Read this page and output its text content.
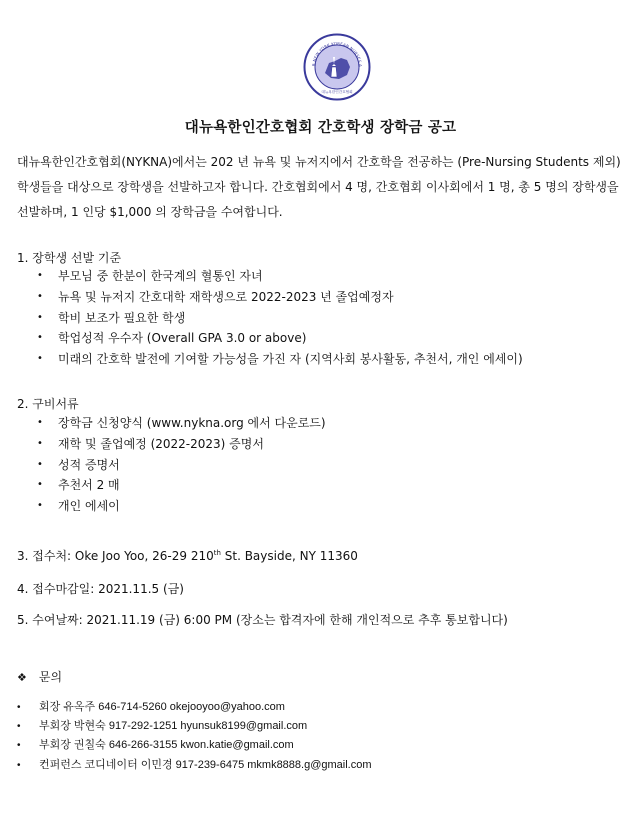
R NEW YORK KOREAN NURSES A
대뉴욕한인간호협회
대뉴욕한인간호협회 간호학생 장학금 공고
대뉴욕한인간호협회(NYKNA)에서는 202 년 뉴욕 및 뉴저지에서 간호학을 전공하는 (Pre-Nursing Students 제외)
학생들을 대상으로 장학생을 선발하고자 합니다. 간호협회에서 4 명, 간호협회 이사회에서 1 명, 총 5 명의 장학생을
선발하며, 1 인당 $1,000 의 장학금을 수여합니다.
1. 장학생 선발 기준
• 부모님 중 한분이 한국계의 혈통인 자녀
• 뉴욕 및 뉴저지 간호대학 재학생으로 2022-2023 년 졸업예정자
• 학비 보조가 필요한 학생
• 학업성적 우수자 (Overall GPA 3.0 or above)
• 미래의 간호학 발전에 기여할 가능성을 가진 자 (지역사회 봉사활동, 추천서, 개인 에세이)
2. 구비서류
• 장학금 신청양식 (www.nykna.org 에서 다운로드)
• 재학 및 졸업예정 (2022-2023) 증명서
• 성적 증명서
• 추천서 2 매
• 개인 에세이
3. 접수처: Oke Joo Yoo, 26-29 210th St. Bayside, NY 11360
4. 접수마감일: 2021.11.5 (금)
5. 수여날짜: 2021.11.19 (금) 6:00 PM (장소는 합격자에 한해 개인적으로 추후 통보합니다)
❖ 문의
• 회장 유옥주 646-714-5260 okejooyoo@yahoo.com
• 부회장 박현숙 917-292-1251 hyunsuk8199@gmail.com
• 부회장 권칠숙 646-266-3155 kwon.katie@gmail.com
• 컨퍼런스 코디네이터 이민경 917-239-6475 mkmk8888.g@gmail.com
